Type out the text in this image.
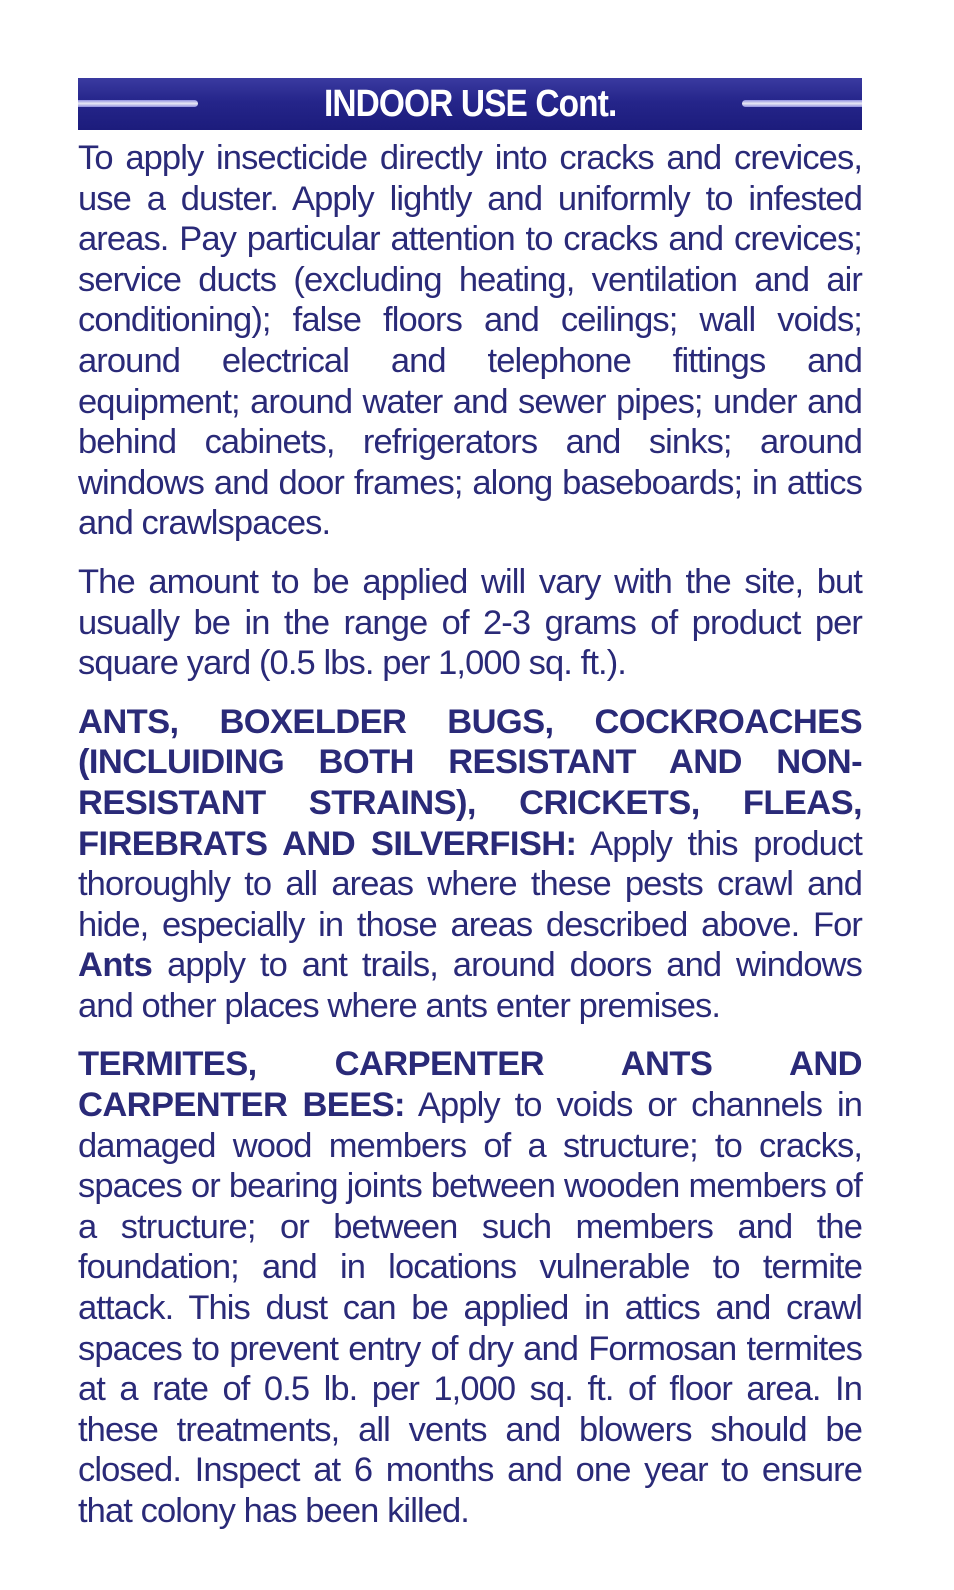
INDOOR USE Cont.

To apply insecticide directly into cracks and crevices, use a duster. Apply lightly and uniformly to infested areas. Pay particular attention to cracks and crevices; service ducts (excluding heating, ventilation and air conditioning); false floors and ceilings; wall voids; around electrical and telephone fittings and equipment; around water and sewer pipes; under and behind cabinets, refrigerators and sinks; around windows and door frames; along baseboards; in attics and crawlspaces.

The amount to be applied will vary with the site, but usually be in the range of 2-3 grams of product per square yard (0.5 lbs. per 1,000 sq. ft.).

ANTS, BOXELDER BUGS, COCKROACHES (INCLUIDING BOTH RESISTANT AND NON-RESISTANT STRAINS), CRICKETS, FLEAS, FIREBRATS AND SILVERFISH: Apply this product thoroughly to all areas where these pests crawl and hide, especially in those areas described above. For Ants apply to ant trails, around doors and windows and other places where ants enter premises.

TERMITES, CARPENTER ANTS AND CARPENTER BEES: Apply to voids or channels in damaged wood members of a structure; to cracks, spaces or bearing joints between wooden members of a structure; or between such members and the foundation; and in locations vulnerable to termite attack. This dust can be applied in attics and crawl spaces to prevent entry of dry and Formosan termites at a rate of 0.5 lb. per 1,000 sq. ft. of floor area. In these treatments, all vents and blowers should be closed. Inspect at 6 months and one year to ensure that colony has been killed.
